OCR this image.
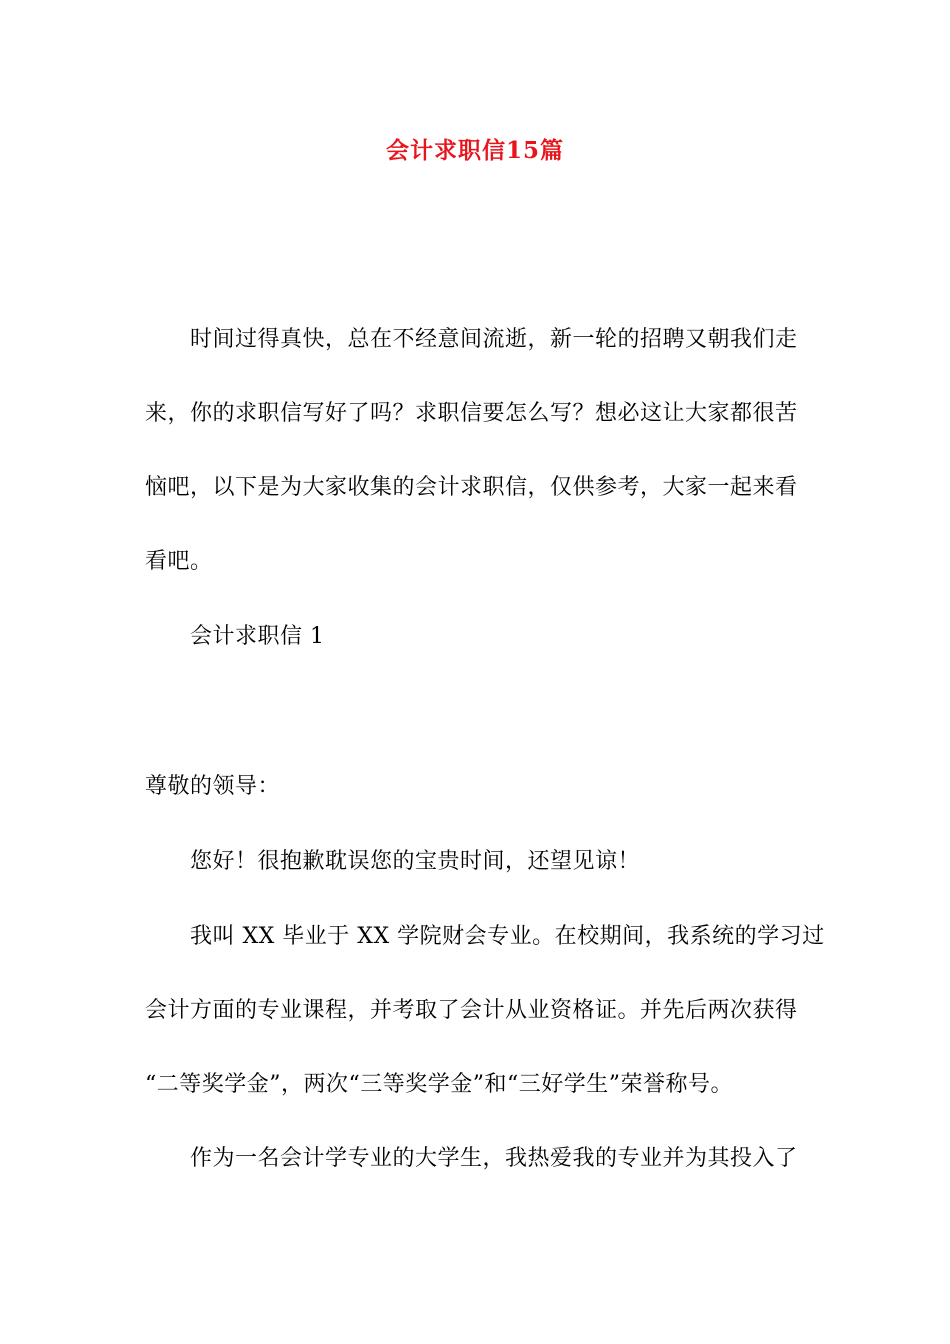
会计求职信15篇
时间过得真快，总在不经意间流逝，新一轮的招聘又朝我们走
来，你的求职信写好了吗？求职信要怎么写？想必这让大家都很苦
恼吧，以下是为大家收集的会计求职信，仅供参考，大家一起来看
看吧。
会计求职信 1
尊敬的领导：
您好！很抱歉耽误您的宝贵时间，还望见谅！
我叫 XX 毕业于 XX 学院财会专业。在校期间，我系统的学习过
会计方面的专业课程，并考取了会计从业资格证。并先后两次获得
“二等奖学金”，两次“三等奖学金”和“三好学生”荣誉称号。
作为一名会计学专业的大学生，我热爱我的专业并为其投入了
